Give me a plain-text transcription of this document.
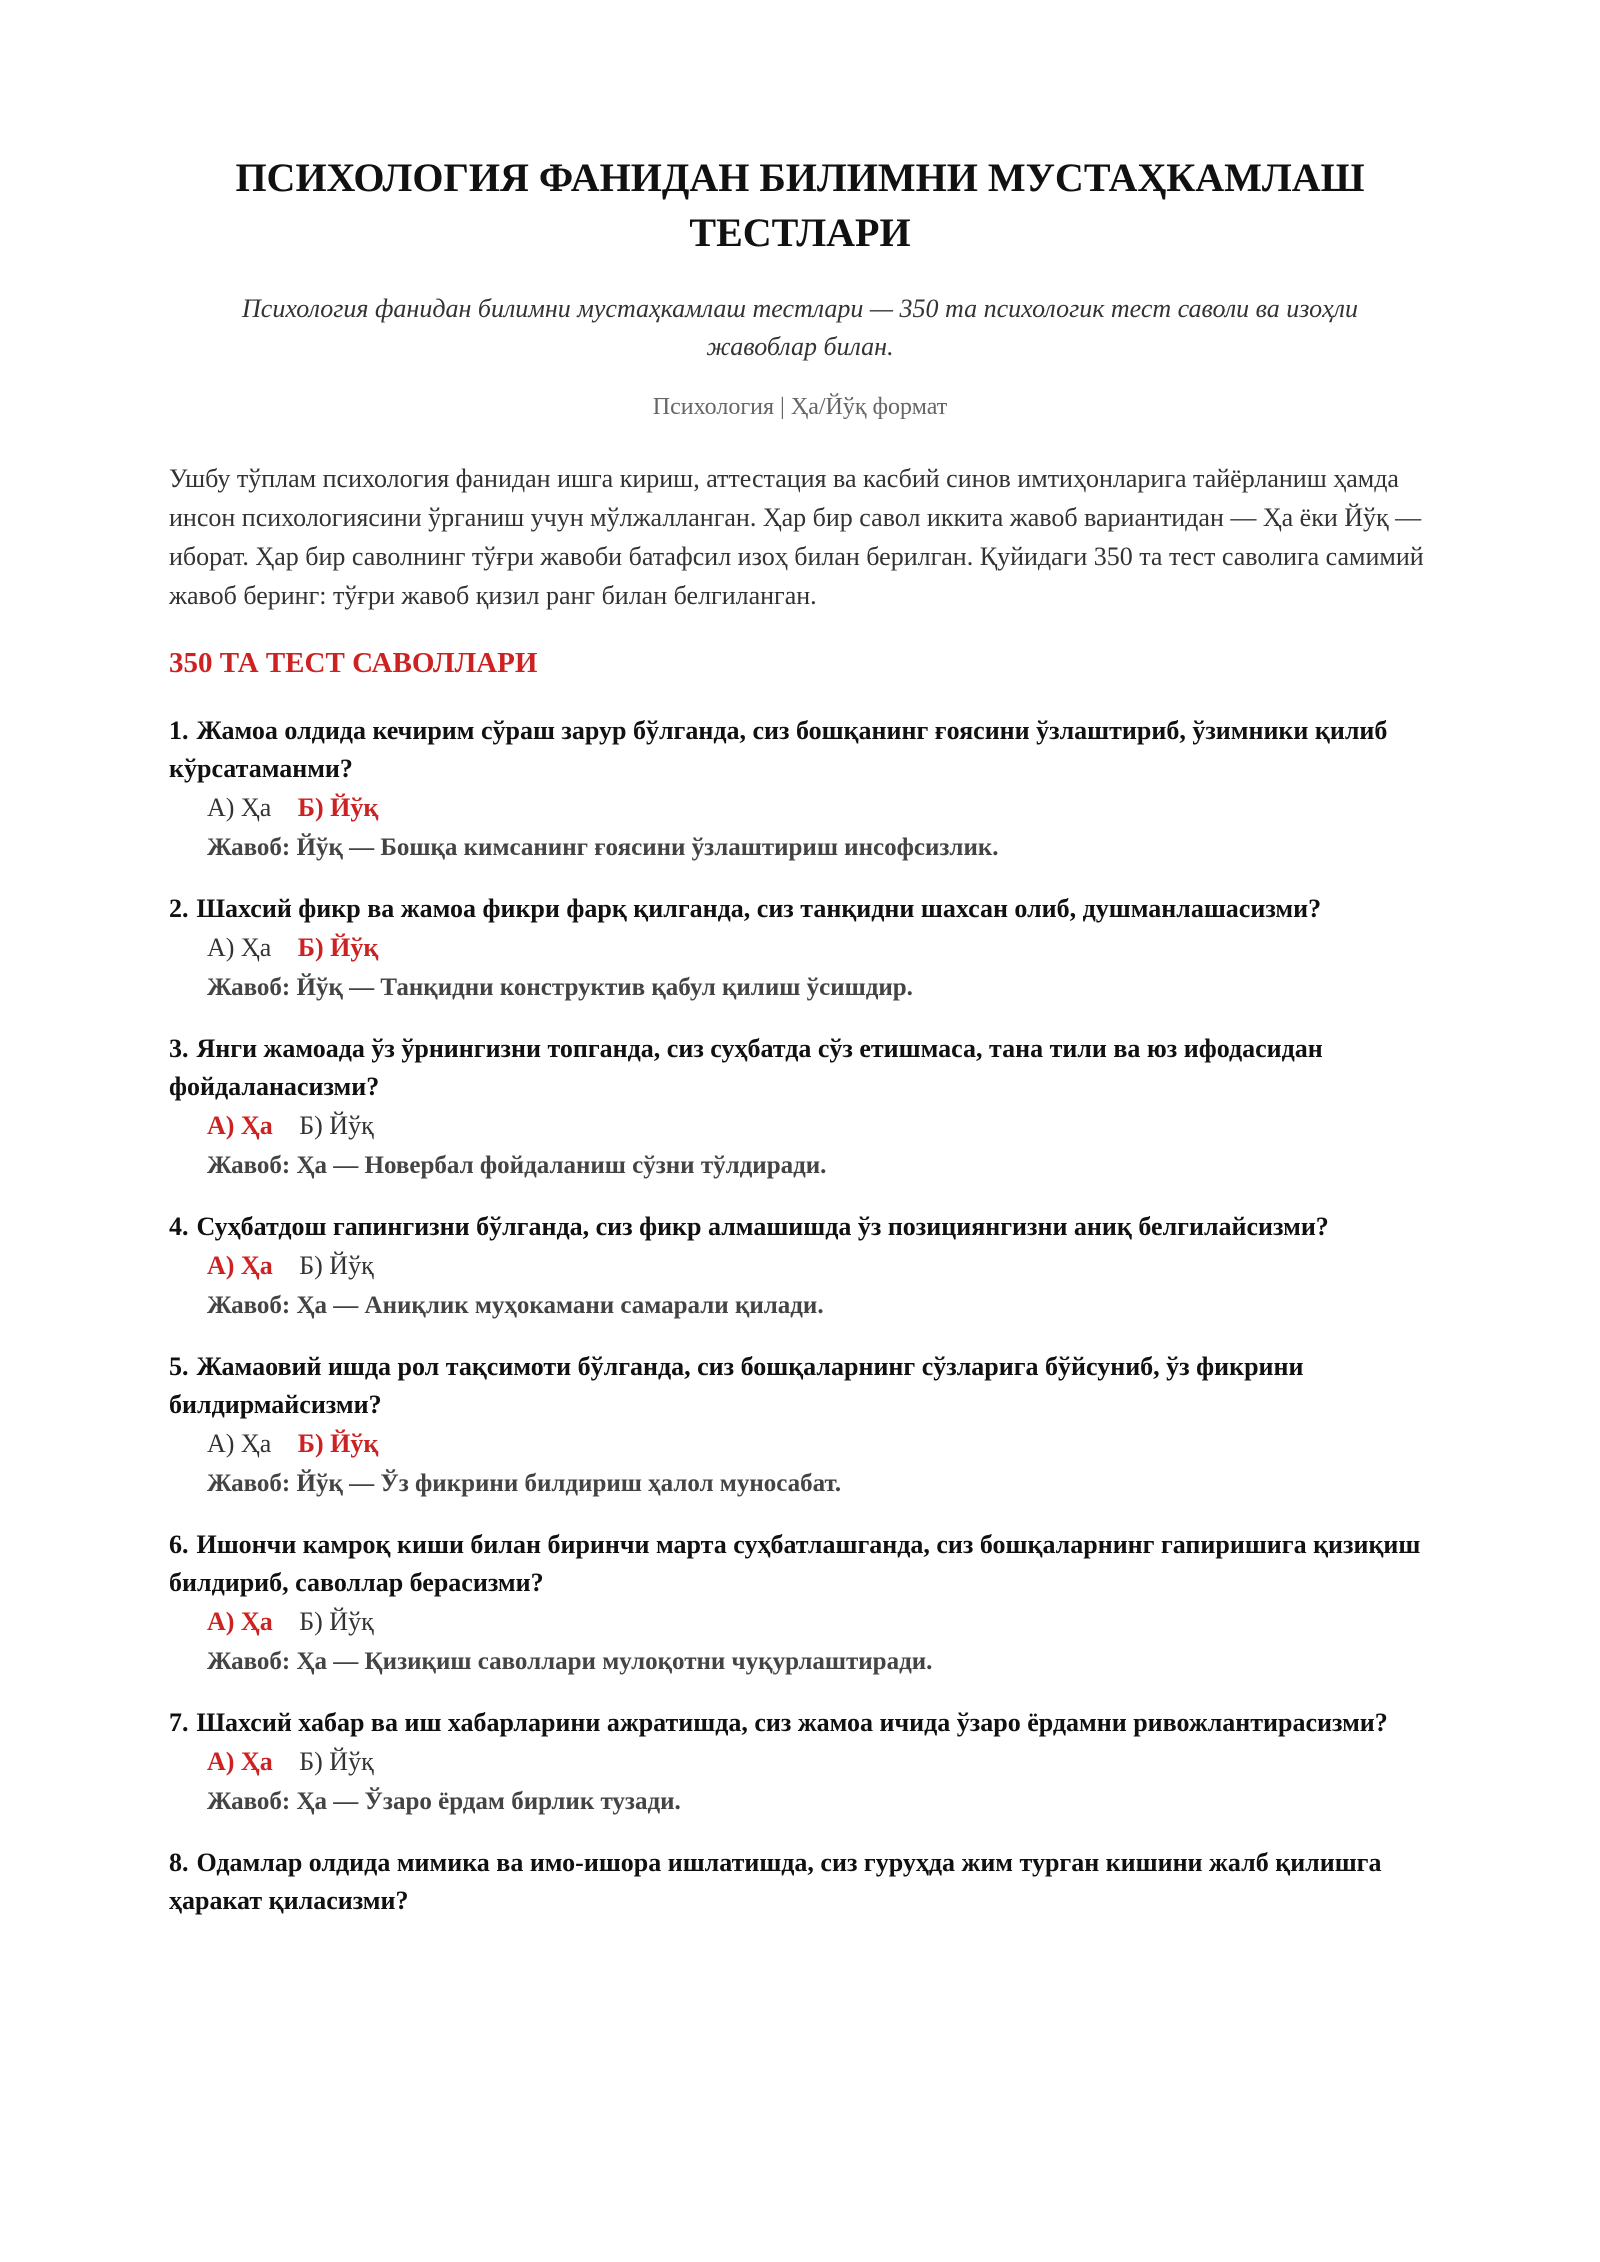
ПСИХОЛОГИЯ ФАНИДАН БИЛИМНИ МУСТАҲКАМЛАШ ТЕСТЛАРИ
Психология фанидан билимни мустаҳкамлаш тестлари — 350 та психологик тест саволи ва изоҳли жавоблар билан.
Психология | Ҳа/Йўқ формат
Ушбу тўплам психология фанидан ишга кириш, аттестация ва касбий синов имтиҳонларига тайёрланиш ҳамда инсон психологиясини ўрганиш учун мўлжалланган. Ҳар бир савол иккита жавоб вариантидан — Ҳа ёки Йўқ — иборат. Ҳар бир саволнинг тўғри жавоби батафсил изоҳ билан берилган. Қуйидаги 350 та тест саволига самимий жавоб беринг: тўғри жавоб қизил ранг билан белгиланган.
350 ТА ТЕСТ САВОЛЛАРИ
1. Жамоа олдида кечирим сўраш зарур бўлганда, сиз бошқанинг ғоясини ўзлаштириб, ўзимники қилиб кўрсатаманми?
А) Ҳа Б) Йўқ
Жавоб: Йўқ — Бошқа кимсанинг ғоясини ўзлаштириш инсофсизлик.
2. Шахсий фикр ва жамоа фикри фарқ қилганда, сиз танқидни шахсан олиб, душманлашасизми?
А) Ҳа Б) Йўқ
Жавоб: Йўқ — Танқидни конструктив қабул қилиш ўсишдир.
3. Янги жамоада ўз ўрнингизни топганда, сиз суҳбатда сўз етишмаса, тана тили ва юз ифодасидан фойдаланасизми?
А) Ҳа Б) Йўқ
Жавоб: Ҳа — Новербал фойдаланиш сўзни тўлдиради.
4. Суҳбатдош гапингизни бўлганда, сиз фикр алмашишда ўз позициянгизни аниқ белгилайсизми?
А) Ҳа Б) Йўқ
Жавоб: Ҳа — Аниқлик муҳокамани самарали қилади.
5. Жамаовий ишда рол тақсимоти бўлганда, сиз бошқаларнинг сўзларига бўйсуниб, ўз фикрини билдирмайсизми?
А) Ҳа Б) Йўқ
Жавоб: Йўқ — Ўз фикрини билдириш ҳалол муносабат.
6. Ишончи камроқ киши билан биринчи марта суҳбатлашганда, сиз бошқаларнинг гапиришига қизиқиш билдириб, саволлар берасизми?
А) Ҳа Б) Йўқ
Жавоб: Ҳа — Қизиқиш саволлари мулоқотни чуқурлаштиради.
7. Шахсий хабар ва иш хабарларини ажратишда, сиз жамоа ичида ўзаро ёрдамни ривожлантирасизми?
А) Ҳа Б) Йўқ
Жавоб: Ҳа — Ўзаро ёрдам бирлик тузади.
8. Одамлар олдида мимика ва имо-ишора ишлатишда, сиз гуруҳда жим турган кишини жалб қилишга ҳаракат қиласизми?
